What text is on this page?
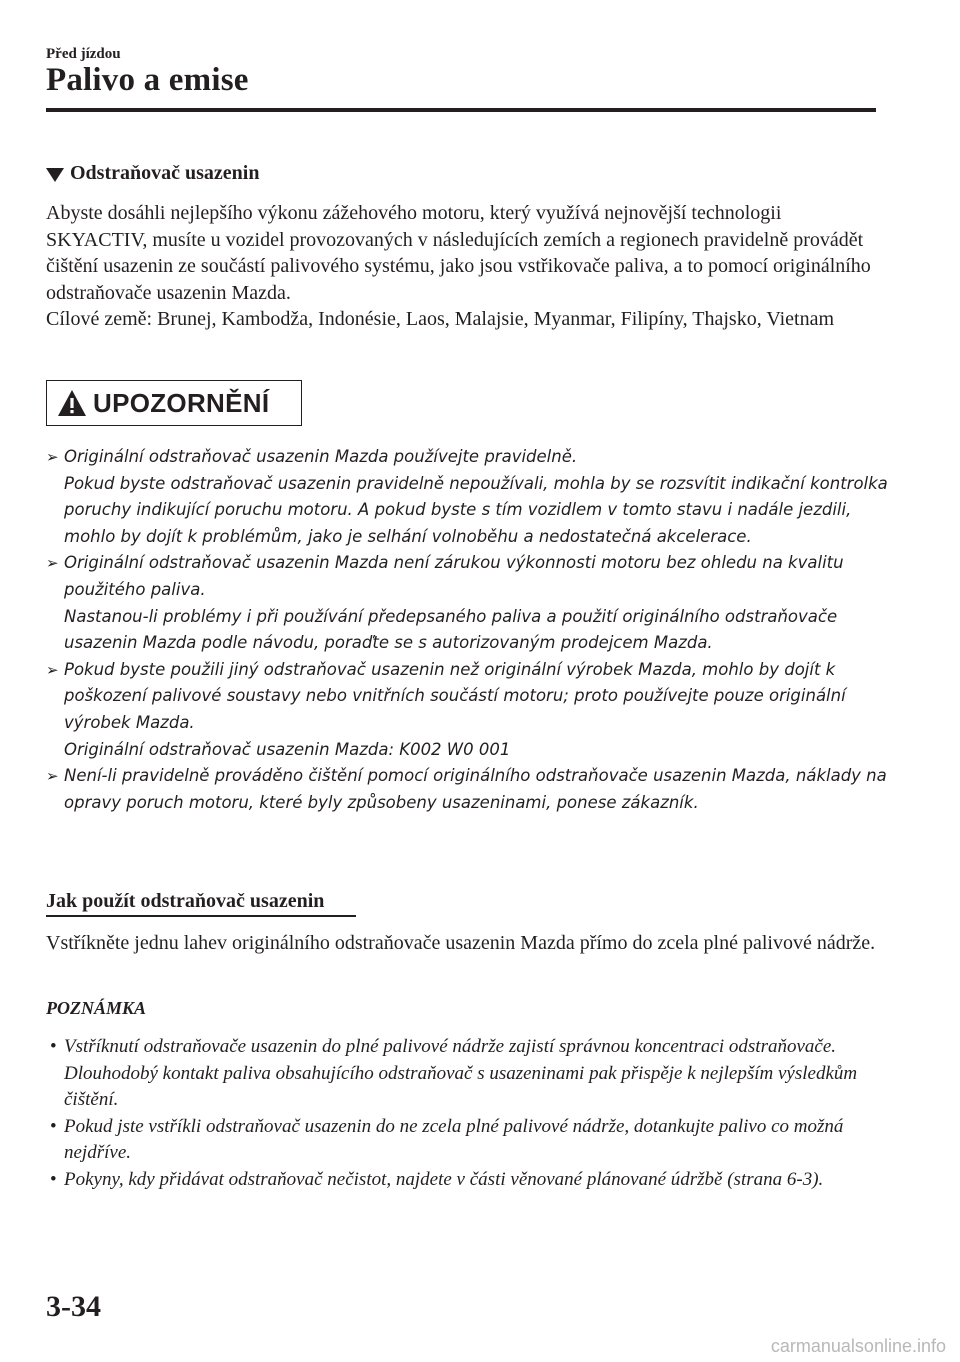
Před jízdou
Palivo a emise
Odstraňovač usazenin

Abyste dosáhli nejlepšího výkonu zážehového motoru, který využívá nejnovější technologii SKYACTIV, musíte u vozidel provozovaných v následujících zemích a regionech pravidelně provádět čištění usazenin ze součástí palivového systému, jako jsou vstřikovače paliva, a to pomocí originálního odstraňovače usazenin Mazda.

Cílové země: Brunej, Kambodža, Indonésie, Laos, Malajsie, Myanmar, Filipíny, Thajsko, Vietnam

UPOZORNĚNÍ
➢ Originální odstraňovač usazenin Mazda používejte pravidelně.

Pokud byste odstraňovač usazenin pravidelně nepoužívali, mohla by se rozsvítit indikační kontrolka poruchy indikující poruchu motoru. A pokud byste s tím vozidlem v tomto stavu i nadále jezdili, mohlo by dojít k problémům, jako je selhání volnoběhu a nedostatečná akcelerace.

➢ Originální odstraňovač usazenin Mazda není zárukou výkonnosti motoru bez ohledu na kvalitu použitého paliva.

Nastanou-li problémy i při používání předepsaného paliva a použití originálního odstraňovače usazenin Mazda podle návodu, poraďte se s autorizovaným prodejcem Mazda.

➢ Pokud byste použili jiný odstraňovač usazenin než originální výrobek Mazda, mohlo by dojít k poškození palivové soustavy nebo vnitřních součástí motoru; proto používejte pouze originální výrobek Mazda.

Originální odstraňovač usazenin Mazda: K002 W0 001

➢ Není-li pravidelně prováděno čištění pomocí originálního odstraňovače usazenin Mazda, náklady na opravy poruch motoru, které byly způsobeny usazeninami, ponese zákazník.

Jak použít odstraňovač usazenin

Vstříkněte jednu lahev originálního odstraňovače usazenin Mazda přímo do zcela plné palivové nádrže.

POZNÁMKA
• Vstříknutí odstraňovače usazenin do plné palivové nádrže zajistí správnou koncentraci odstraňovače. Dlouhodobý kontakt paliva obsahujícího odstraňovač s usazeninami pak přispěje k nejlepším výsledkům čištění.
• Pokud jste vstříkli odstraňovač usazenin do ne zcela plné palivové nádrže, dotankujte palivo co možná nejdříve.
• Pokyny, kdy přidávat odstraňovač nečistot, najdete v části věnované plánované údržbě (strana 6-3).
3-34
carmanualsonline.info
